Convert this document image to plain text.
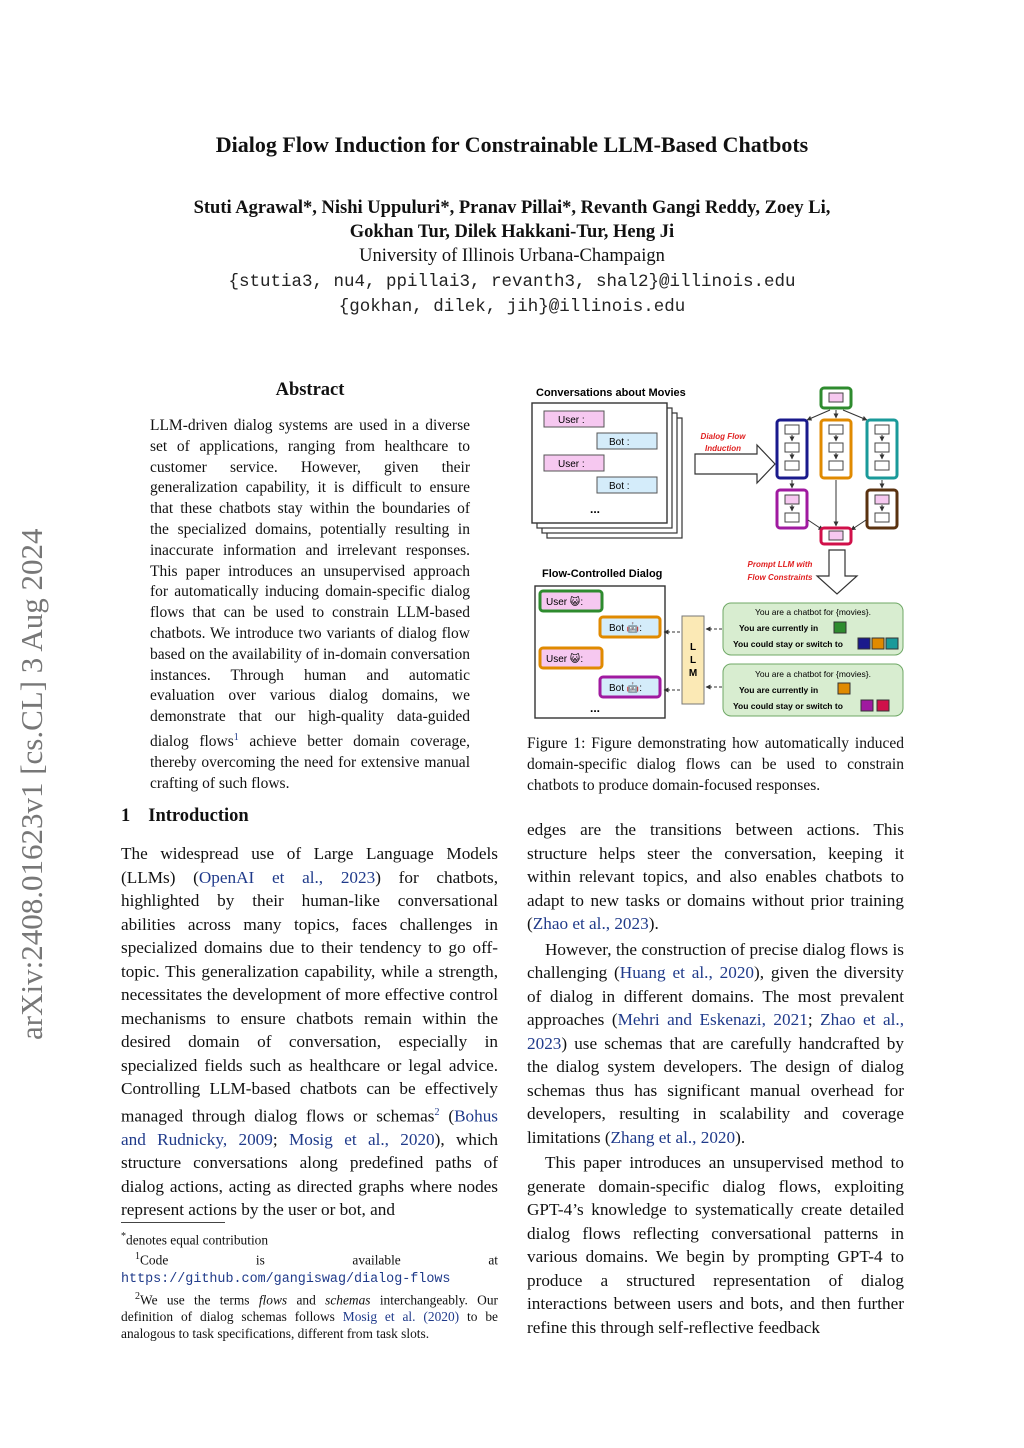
Dialog Flow Induction for Constrainable LLM-Based Chatbots
Stuti Agrawal*, Nishi Uppuluri*, Pranav Pillai*, Revanth Gangi Reddy, Zoey Li,
Gokhan Tur, Dilek Hakkani-Tur, Heng Ji
University of Illinois Urbana-Champaign
{stutia3, nu4, ppillai3, revanth3, shal2}@illinois.edu
{gokhan, dilek, jih}@illinois.edu
arXiv:2408.01623v1 [cs.CL] 3 Aug 2024
Abstract
LLM-driven dialog systems are used in a diverse set of applications, ranging from healthcare to customer service. However, given their generalization capability, it is difficult to ensure that these chatbots stay within the boundaries of the specialized domains, potentially resulting in inaccurate information and irrelevant responses. This paper introduces an unsupervised approach for automatically inducing domain-specific dialog flows that can be used to constrain LLM-based chatbots. We introduce two variants of dialog flow based on the availability of in-domain conversation instances. Through human and automatic evaluation over various dialog domains, we demonstrate that our high-quality data-guided dialog flows$^1$ achieve better domain coverage, thereby overcoming the need for extensive manual crafting of such flows.
1 Introduction

The widespread use of Large Language Models (LLMs) (OpenAI et al., 2023) for chatbots, highlighted by their human-like conversational abilities across many topics, faces challenges in specialized domains due to their tendency to go off-topic. This generalization capability, while a strength, necessitates the development of more effective control mechanisms to ensure chatbots remain within the desired domain of conversation, especially in specialized fields such as healthcare or legal advice. Controlling LLM-based chatbots can be effectively managed through dialog flows or schemas$^2$ (Bohus and Rudnicky, 2009; Mosig et al., 2020), which structure conversations along predefined paths of dialog actions, acting as directed graphs where nodes represent actions by the user or bot, and

*denotes equal contribution

$^1$Code is available at https://github.com/gangiswag/dialog-flows

$^2$We use the terms flows and schemas interchangeably. Our definition of dialog schemas follows Mosig et al. (2020) to be analogous to task specifications, different from task slots.

Conversations about Movies
User :
Bot :
User :
Bot :
...
Dialog Flow
Induction
Prompt LLM with
Flow Constraints
Flow-Controlled Dialog
User 😺:
Bot 🤖:
User 😺:
Bot 🤖:
...
L
L
M
You are a chatbot for {movies}.
You are currently in
You could stay or switch to
You are a chatbot for {movies}.
You are currently in
You could stay or switch to
Figure 1: Figure demonstrating how automatically induced domain-specific dialog flows can be used to constrain chatbots to produce domain-focused responses.

edges are the transitions between actions. This structure helps steer the conversation, keeping it within relevant topics, and also enables chatbots to adapt to new tasks or domains without prior training (Zhao et al., 2023).

However, the construction of precise dialog flows is challenging (Huang et al., 2020), given the diversity of dialog in different domains. The most prevalent approaches (Mehri and Eskenazi, 2021; Zhao et al., 2023) use schemas that are carefully handcrafted by the dialog system developers. The design of dialog schemas thus has significant manual overhead for developers, resulting in scalability and coverage limitations (Zhang et al., 2020).

This paper introduces an unsupervised method to generate domain-specific dialog flows, exploiting GPT-4’s knowledge to systematically create detailed dialog flows reflecting conversational patterns in various domains. We begin by prompting GPT-4 to produce a structured representation of dialog interactions between users and bots, and then further refine this through self-reflective feedback
